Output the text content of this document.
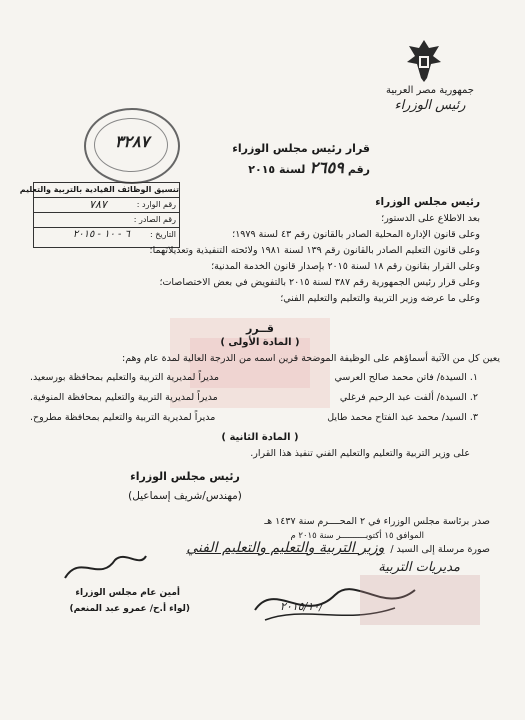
جمهورية مصر العربية
رئيس الوزراء
٣٢٨٧
تنسيق الوظائف القيادية بالتربية والتعليم
رقم الوارد :
٧٨٧
رقم الصادر :
التاريخ :
٦ - ١٠ - ٢٠١٥
قرار رئيس مجلس الوزراء
رقم
٢٦٥٩
لسنة ٢٠١٥
رئيس مجلس الوزراء
بعد الاطلاع على الدستور؛
وعلى قانون الإدارة المحلية الصادر بالقانون رقم ٤٣ لسنة ١٩٧٩؛
وعلى قانون التعليم الصادر بالقانون رقم ١٣٩ لسنة ١٩٨١ ولائحته التنفيذية وتعديلاتهما؛
وعلى القرار بقانون رقم ١٨ لسنة ٢٠١٥ بإصدار قانون الخدمة المدنية؛
وعلى قرار رئيس الجمهورية رقم ٣٨٧ لسنة ٢٠١٥ بالتفويض في بعض الاختصاصات؛
وعلى ما عرضه وزير التربية والتعليم والتعليم الفني؛
قــرر
( المادة الأولى )
يعين كل من الآتية أسماؤهم على الوظيفة الموضحة قرين اسمه من الدرجة العالية لمدة عام وهم:
١. السيدة/ فاتن محمد صالح العرسي
مديراً لمديرية التربية والتعليم بمحافظة بورسعيد.
٢. السيدة/ ألفت عبد الرحيم فرغلي
مديراً لمديرية التربية والتعليم بمحافظة المنوفية.
٣. السيد/ محمد عبد الفتاح محمد طايل
مديراً لمديرية التربية والتعليم بمحافظة مطروح.
( المادة الثانية )
على وزير التربية والتعليم والتعليم الفني تنفيذ هذا القرار.
رئيس مجلس الوزراء
(مهندس/شريف إسماعيل)
صدر برئاسة مجلس الوزراء في ٢ المحــــرم سنة ١٤٣٧ هـ
الموافق ١٥ أكتوبــــــــــر سنة ٢٠١٥ م
صورة مرسلة إلى السيد /
وزير التربية والتعليم والتعليم الفني
أمين عام مجلس الوزراء
(لواء أ.ح/ عمرو عبد المنعم)
مديريات التربية
٢٠١٥/١٠/
